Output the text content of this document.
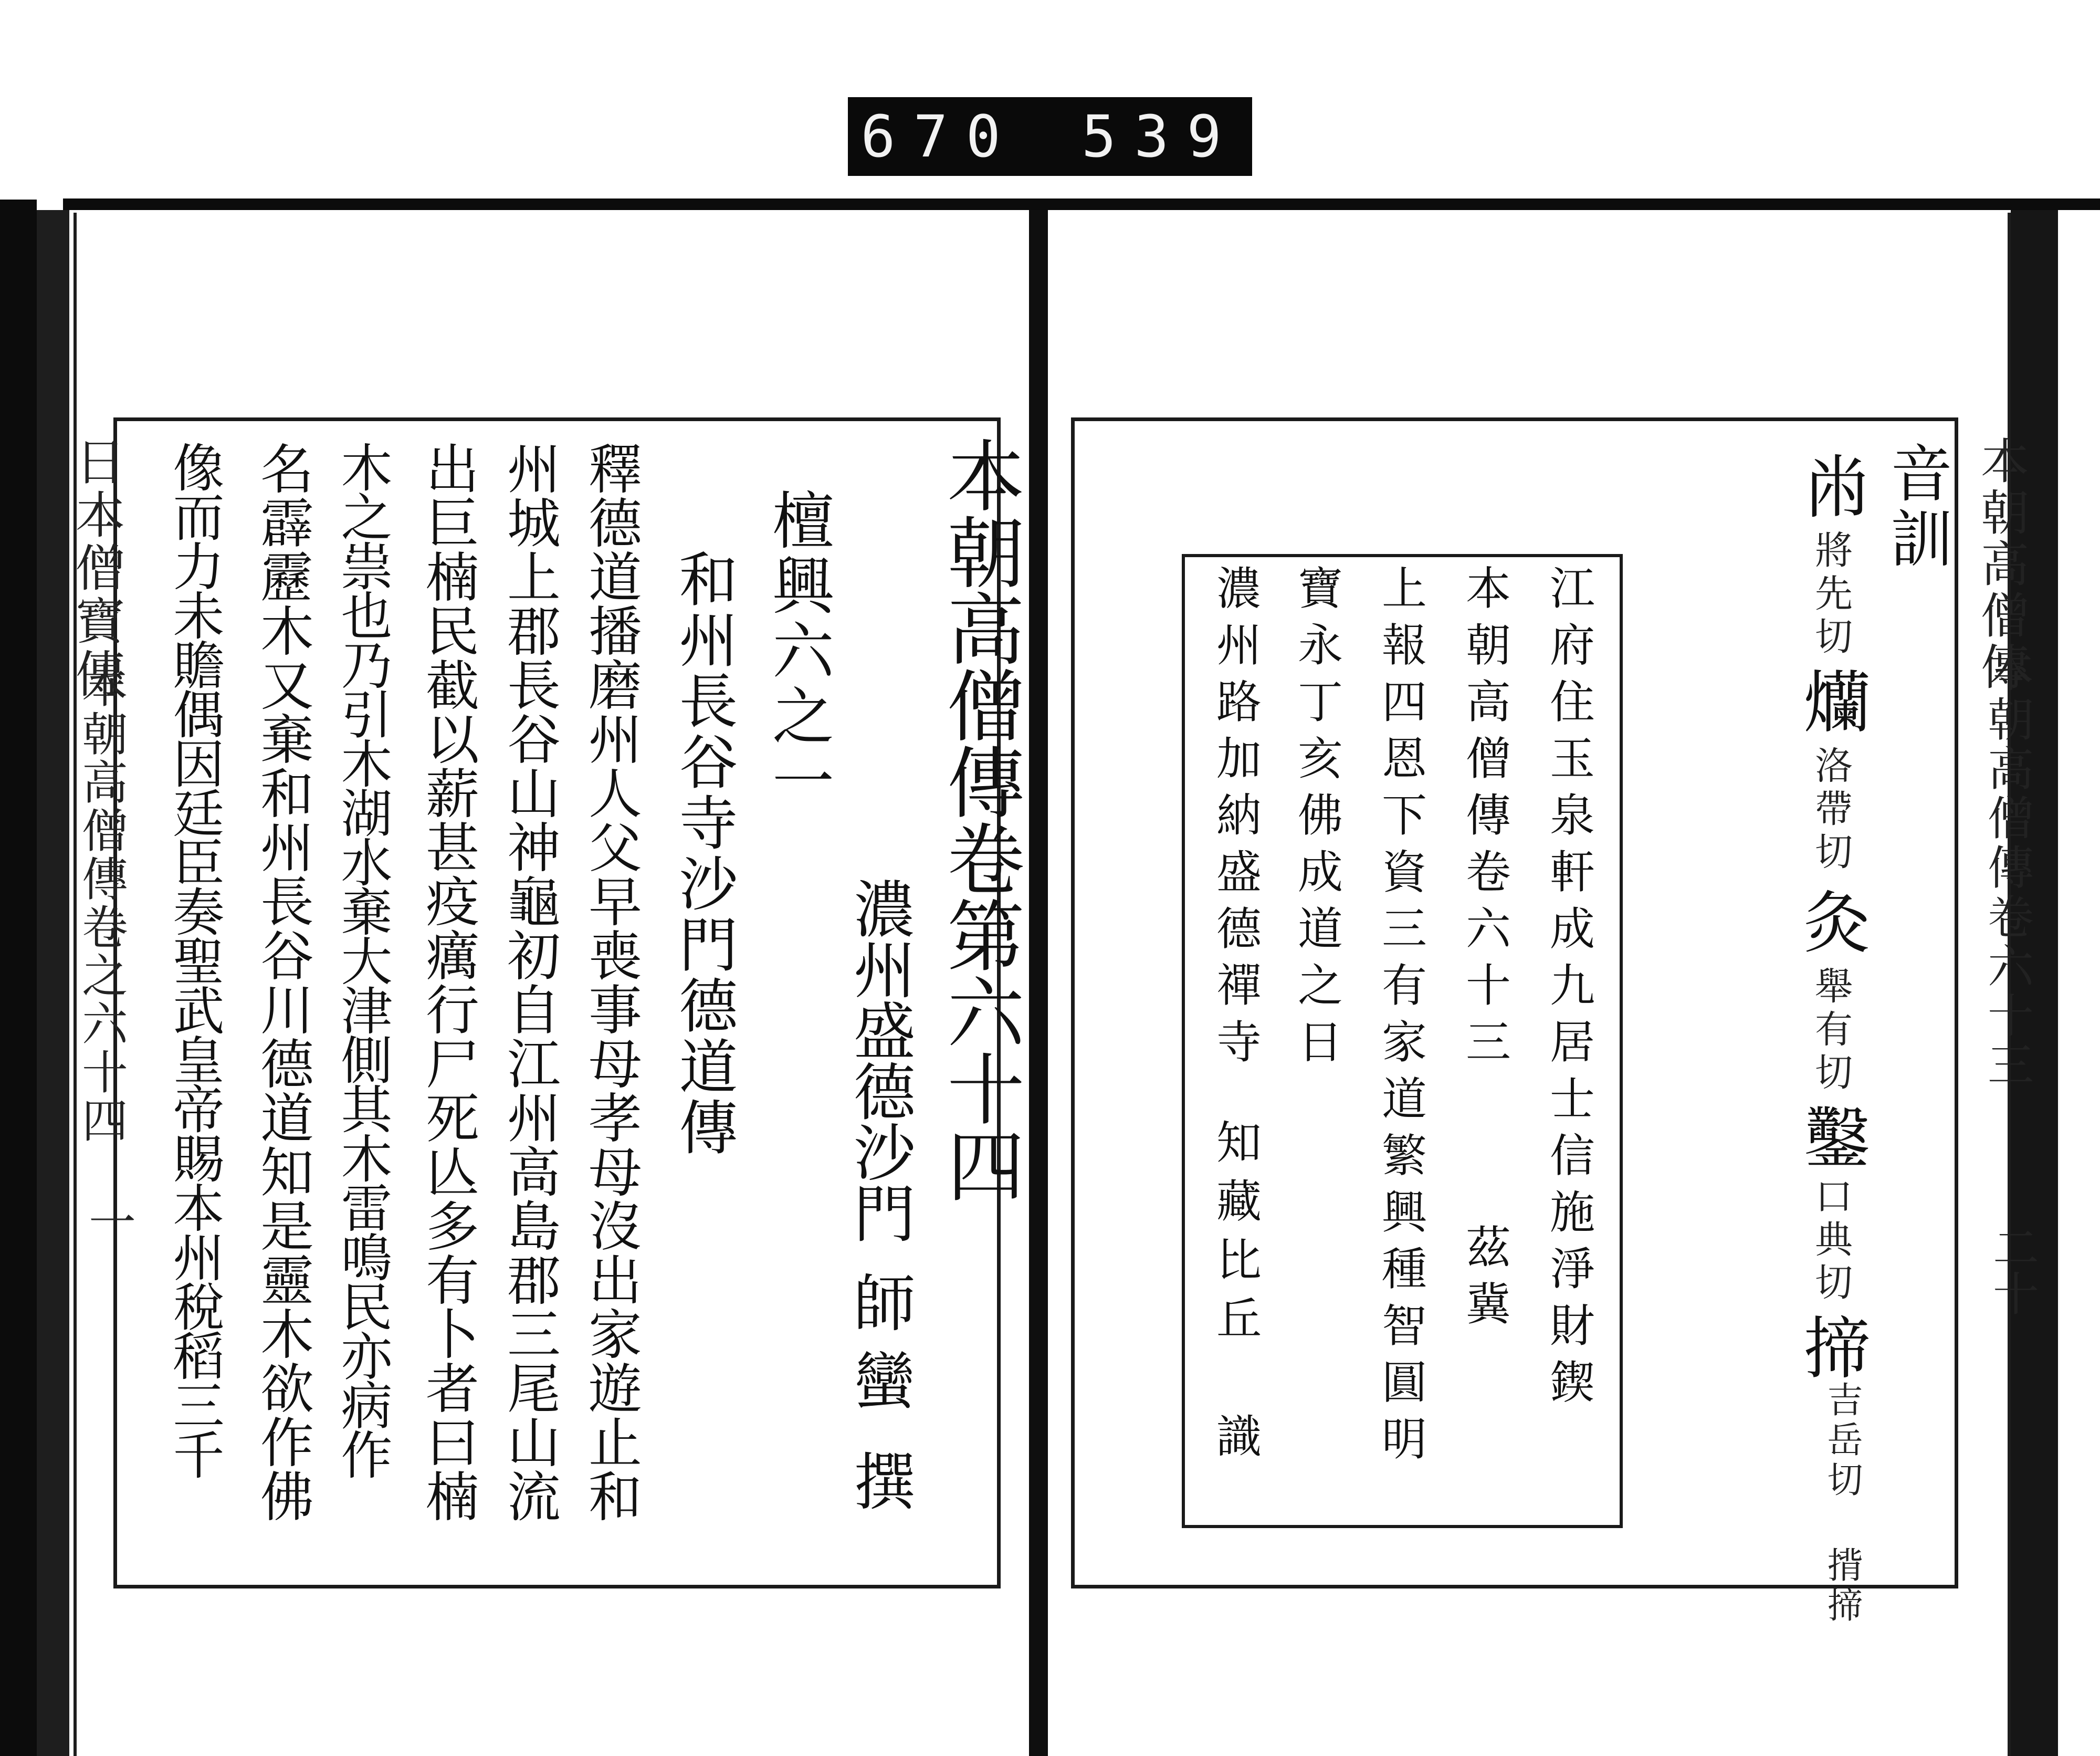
670 539
日本僧寶傳
本朝高僧傳卷之六十四
一
本朝高僧傳卷第六十四
濃州盛德沙門
師蠻
撰
檀興六之一
和州長谷寺沙門德道傳
釋德道播磨州人父早喪事母孝母沒出家遊止和
州城上郡長谷山神龜初自江州高島郡三尾山流
出巨楠民截以薪甚疫癘行尸死亾多有卜者曰楠
木之祟也乃引木湖水棄大津側其木雷鳴民亦病作
名霹靂木又棄和州長谷川德道知是靈木欲作佛
像而力未贍偶因廷臣奏聖武皇帝賜本州稅稻三千	本朝高僧傳
本朝高僧傳卷六十三
二十
音訓
㡀
將先切
爤
洛帶切
灸
舉有切
鑿
口典切
揥
吉岳切 揹揥
江府住玉泉軒成九居士信施淨財鍥
本朝高僧傳卷六十三
茲冀
上報四恩下資三有家道繁興種智圓明
寶永丁亥佛成道之日
濃州路加納盛德禪寺
知藏比丘
識
